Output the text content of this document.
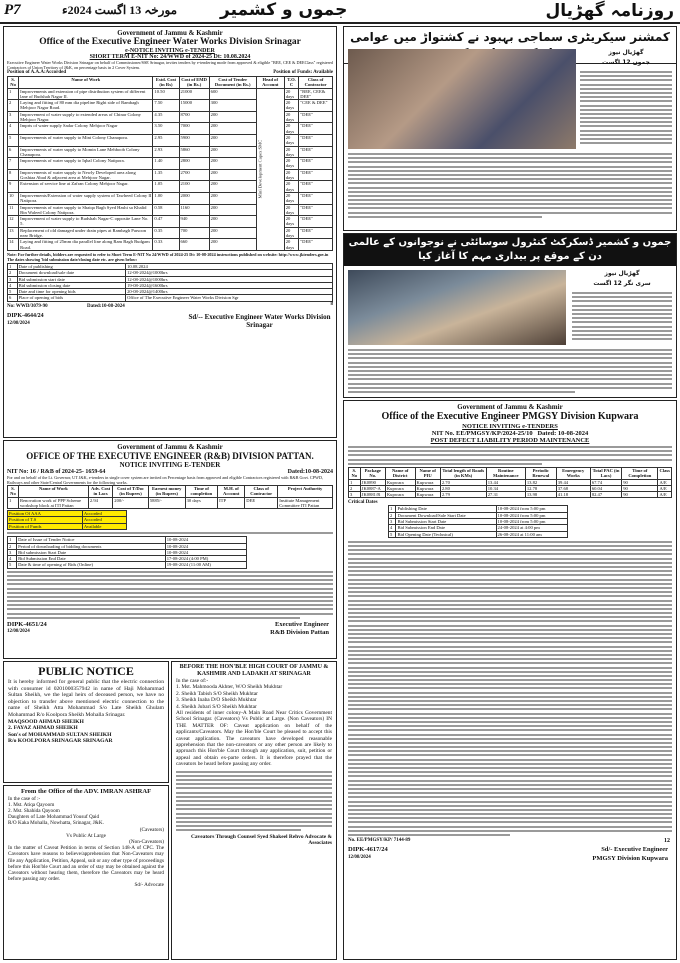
P7	مورخہ 13 اگست 2024ء	جموں و کشمیر	روزنامہ گھڑیال
Government of Jammu & Kashmir
Office of the Executive Engineer Water Works Division Srinagar
e-NOTICE INVITING e-TENDER
SHORT TERM E-NIT No: 24/WWD of 2024-25 Dt: 10.08.2024
Executive Engineer Water Works Division Srinagar on behalf of Commissioner/SSE Srinagar, invites tenders by e-tendering mode from approved & eligible "BEE, CEE & DEEClass" registered Contractors of Union Territory of J&K, on percentage basis in 2 Cover System.
Position of A.A.A:Accorded	Position of Funds: Available
S. No	Name of Work	Estd. Cost (in Rs)	Cost of EMD (in Rs.)	Cost of Tender Document (in Rs.)	Head of Account	T.O. C	Class of Contractor
1	Improvements and extension of pipe distribution system of different lane of Budshah Nagar II.	10.50	21000	600	Mini Development Capex SMC	20 days	"BEE, CEE& DEE"
2	Laying and fitting of 80 mm dia pipeline Right side of Rambagh Mehjoor Nagar Road.	7.50	15000	300		20 days	"CEE & DEE"
3	Improvement of water supply to extended areas of Chinar Colony Mehjoor Nagar.	4.35	8700	200		20 days	"DEE"
4	Imprts of water supply Sadar Colony Mehjoor Nagar	3.50	7000	200		20 days	"DEE"
5	Improvements of water supply to Mini Colony Chanapora.	2.95	5900	200		20 days	"DEE"
6	Improvements of water supply to Momin Lane Mehboob Colony Chanapora.	2.93	5860	200		20 days	"DEE"
7	Improvements of water supply to Iqbal Colony Natipora.	1.40	2800	200		20 days	"DEE"
8	Improvements of water supply to Newly Developed area along Goshiaa Abad & adjacent area at Mehjoor Nagar.	1.35	2700	200		20 days	"DEE"
9	Extension of service line at Zafran Colony Mehjoor Nagar.	1.05	2100	200		20 days	"DEE"
10	Improvements/Extension of water supply system of Tawheed Colony II Natipora.	1.00	2000	200		20 days	"DEE"
11	Improvements of water supply to Shaiqa Bagh Syed Hashi sa Khalid Bin Waleed Colony Natipora.	0.58	1160	200		20 days	"DEE"
12	Improvement of water supply to Budshah Nagar-C opposite Lane No. 5.	0.47	940	200		20 days	"DEE"
13	Replacement of old damaged under drain pipes at Rambagh Parsoon near Bridge.	0.35	700	200		20 days	"DEE"
14	Laying and fitting of 25mm dia parallel line along Ram Bagh Budgam Road.	0.33	660	200		20 days	"DEE"
Note: For further details, bidders are requested to refer to Short Term E-NIT No 24/WWD of 2024-25 Dt: 10-08-2024 instructions published on website: http://www.jktenders.gov.in The dates showing 'bid submission date/closing date etc. are given below:
1	Date of publishing	10.08.2024
2	Document download/sale date	12-08-2024@1000hrs
3	Bid submission start date	12-08-2024@1000hrs
4	Bid submission closing date	19-08-2024@1600hrs
5	Date and time for opening bids	20-08-2024@1400hrs
6	Place of opening of bids	Office of The Executive Engineer Water Works Division Sgr
No: WWD/3079-90	Dated:10-08-2024	8
DIPK-4644/24
12/08/2024
Sd/-- Executive Engineer Water Works Division Srinagar
Government of Jammu & Kashmir
OFFICE OF THE EXECUTIVE ENGINEER (R&B) DIVISION PATTAN.
NOTICE INVITING E-TENDER
NIT No: 16 / R&B of 2024-25- 1659-64	Dated:10-08-2024
For and on behalf of the Lt. Governor, UT J&K, e-tenders in single cover system are invited on Percentage basis from approved and eligible Contractors registered with R&B Govt. CPWD, Railways and other State/Central Governments for the following works.
S. No	Name of Work	Adv. Cost in Lacs	Cost of T/Doc (in Rupees)	Earnest money (in Rupees)	Time of completion	M.H. of Account	Class of Contractor	Project Authority
1	Renovation work of PPP Scheme workshop block at ITI Pattan	2.94	200/-	5885/-	30 days	ITP	DEE	Institute Management Committee ITI Pattan
Position Of AAA	Accorded
Position of T.S	Accorded
Position of Funds	Available
1	Date of Issue of Tender Notice	10-08-2024
2	Period of downloading of bidding documents	10-08-2024
3	Bid submission Start Date	10-08-2024
4	Bid Submission End Date	17-08-2024 (4:00 PM)
5	Date & time of opening of Bids (Online)	19-08-2024 (11:00 AM)
DIPK-4651/24
12/08/2024
Executive Engineer
R&B Division Pattan
PUBLIC NOTICE
It is hereby informed for general public that the electric connection with consumer id 0201000357942 in name of Haji Mohammad Sultan Sheikh, we the legal heirs of deceased person, we have no objection to transfer above mentioned electric connection to the name of Sheikh Atta Mohammad S/o Late Sheikh Ghulam Mohammad R/o Koolpora Sheikh Mohalla Srinagar.
MAQSOOD AHMAD SHEIKH
2. FAYAZ AHMAD SHEIKH
Son's of MOHAMMAD SULTAN SHEIKH
R/o KOOLPORA SRINAGAR SRINAGAR
From the Office of the ADV. IMRAN ASHRAF
In the case of :-
1. Mst. Atiqa Qayoom
2. Mst. Shahida Qayoom
Daughters of Late Mohammad Yousuf Qaid
R/O Kaka Mohalla, Nowhatta, Srinagar, J&K.
(Caveators)
Vs Public At Large
(Non-Caveators)
In the matter of Caveat Petition in terms of Section 148-A of CPC. The Caveators have reasons to believe/apprehension that Non-Caveators may file any Application, Petition, Appeal, suit or any other type of proceedings before this Hon'ble Court and an order of stay may be obtained against the Caveators without hearing them, therefore the Caveators may be heard before passing any order.
Sd/- Advocate
BEFORE THE HON'BLE HIGH COURT OF JAMMU & KASHMIR AND LADAKH AT SRINAGAR
In the case of:-
1. Mst. Mahmooda Akhter, W/O Sheikh Mukhtar
2. Sheikh Tabish S/O Sheikh Mukhtar
3. Sheikh Inaba D/O Sheikh Mukhtar
4. Sheikh Jubari S/O Sheikh Mukhtar
All residents of inner colony-A Main Road Near Critics Government School Srinagar. (Caveators) Vs Public at Large. (Non Caveators) IN THE MATTER OF: Caveat application on behalf of the applicants/Caveators. May the Hon'ble Court be pleased to accept this caveat application. The caveators have developed reasonable apprehension that the non-caveators or any other person are likely to approach this Hon'ble Court through any application, suit, petition or appeal and obtain ex-parte orders. It is therefore prayed that the caveators be heard before passing any order.
Caveators Through Counsel Syed Shakeel Rehvo Advocate & Associates
کمشنر سیکریٹری سماجی بہبود نے کشتواڑ میں عوامی
گھڑیال نیوز
جموں 12 اگست
جموں و کشمیر ڈسکرکٹ کنٹرول سوسائٹی نے نوجوانوں کے عالمی دن کے موقع پر بیداری مہم کا آغاز کیا
گھڑیال نیوز
سری نگر 12 اگست
Government of Jammu & Kashmir
Office of the Executive Engineer PMGSY Division Kupwara
NOTICE INVITING e-TENDERS
NIT No. EE/PMGSY/KP/2024-25/10 Dated: 10-08-2024
POST DEFECT LIABILITY PERIOD MAINTENANCE
S. No	Package No.	Name of District	Name of PIU	Total length of Roads (in KMs)	Routine Maintenance	Periodic Renewal	Emergency Works	Total PAC (in Lacs)	Time of Completion	Class
1	JK0890	Kupwara	Kupwara	2.70	13.44	13.82	39.44	67.74	90	A/E
2	JK0887-A	Kupwara	Kupwara	2.80	10.34	12.78	37.68	60.04	90	A/E
3	JK0881/R	Kupwara	Kupwara	2.79	27.31	13.98	41.18	82.47	90	A/E
Critical Dates
1	Publishing Date	10-08-2024 from 5:00 pm
2	Document Download/Sale Start Date	10-08-2024 from 5:00 pm
3	Bid Submission Start Date	10-08-2024 from 5:00 pm
4	Bid Submission End Date	24-08-2024 at 4:00 pm
5	Bid Opening Date (Technical)	26-08-2024 at 11:00 am
No. EE/PMGSY/KP/ 7144-89
DIPK-4617/24
12/08/2024
12
Sd/- Executive Engineer
PMGSY Division Kupwara
